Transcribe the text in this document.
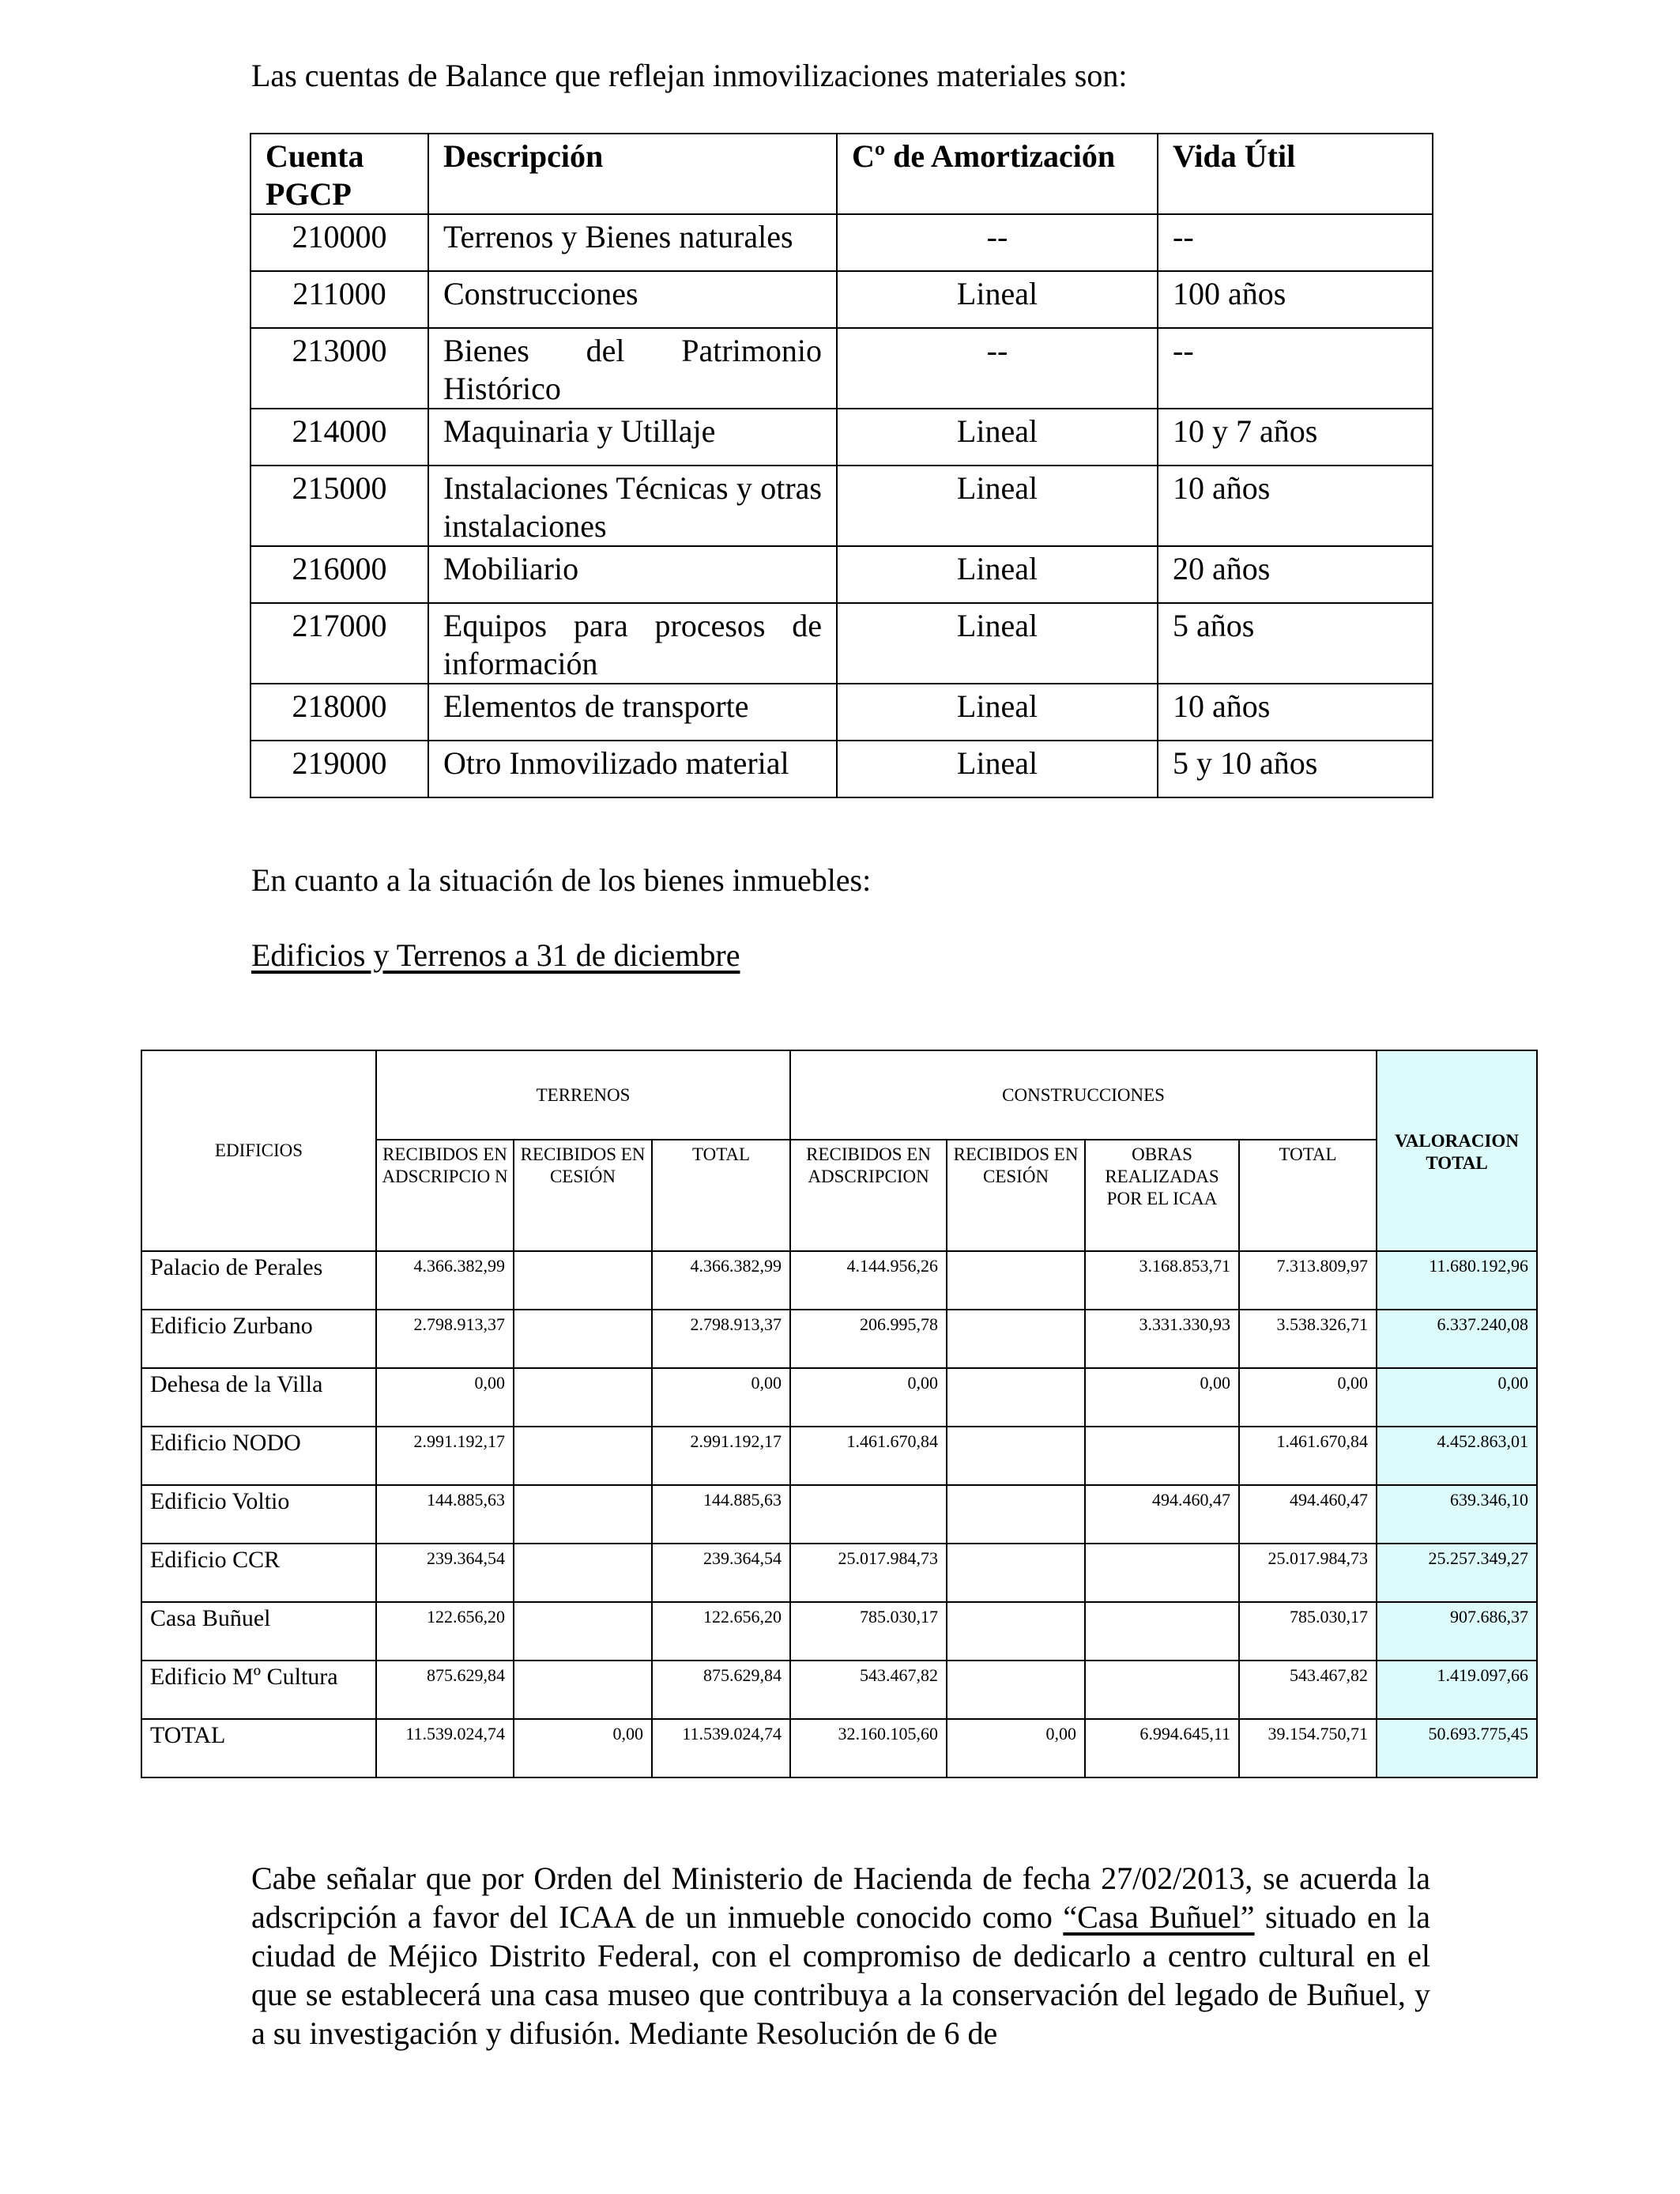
Las cuentas de Balance que reflejan inmovilizaciones materiales son:
Cuenta
PGCP	Descripción	Cº de Amortización	Vida Útil
210000	Terrenos y Bienes naturales	--	--
211000	Construcciones	Lineal	100 años
213000	Bienes del Patrimonio Histórico	--	--
214000	Maquinaria y Utillaje	Lineal	10 y 7 años
215000	Instalaciones Técnicas y otras instalaciones	Lineal	10 años
216000	Mobiliario	Lineal	20 años
217000	Equipos para procesos de información	Lineal	5 años
218000	Elementos de transporte	Lineal	10 años
219000	Otro Inmovilizado material	Lineal	5 y 10 años
En cuanto a la situación de los bienes inmuebles:
Edificios y Terrenos a 31 de diciembre
EDIFICIOS	TERRENOS			CONSTRUCCIONES				VALORACION TOTAL
	RECIBIDOS EN ADSCRIPCIO N	RECIBIDOS EN CESIÓN	TOTAL	RECIBIDOS EN ADSCRIPCION	RECIBIDOS EN CESIÓN	OBRAS REALIZADAS POR EL ICAA	TOTAL	
Palacio de Perales	4.366.382,99		4.366.382,99	4.144.956,26		3.168.853,71	7.313.809,97	11.680.192,96
Edificio Zurbano	2.798.913,37		2.798.913,37	206.995,78		3.331.330,93	3.538.326,71	6.337.240,08
Dehesa de la Villa	0,00		0,00	0,00		0,00	0,00	0,00
Edificio NODO	2.991.192,17		2.991.192,17	1.461.670,84			1.461.670,84	4.452.863,01
Edificio Voltio	144.885,63		144.885,63			494.460,47	494.460,47	639.346,10
Edificio CCR	239.364,54		239.364,54	25.017.984,73			25.017.984,73	25.257.349,27
Casa Buñuel	122.656,20		122.656,20	785.030,17			785.030,17	907.686,37
Edificio Mº Cultura	875.629,84		875.629,84	543.467,82			543.467,82	1.419.097,66
TOTAL	11.539.024,74	0,00	11.539.024,74	32.160.105,60	0,00	6.994.645,11	39.154.750,71	50.693.775,45
Cabe señalar que por Orden del Ministerio de Hacienda de fecha 27/02/2013, se acuerda la adscripción a favor del ICAA de un inmueble conocido como “Casa Buñuel” situado en la ciudad de Méjico Distrito Federal, con el compromiso de dedicarlo a centro cultural en el que se establecerá una casa museo que contribuya a la conservación del legado de Buñuel, y a su investigación y difusión. Mediante Resolución de 6 de
